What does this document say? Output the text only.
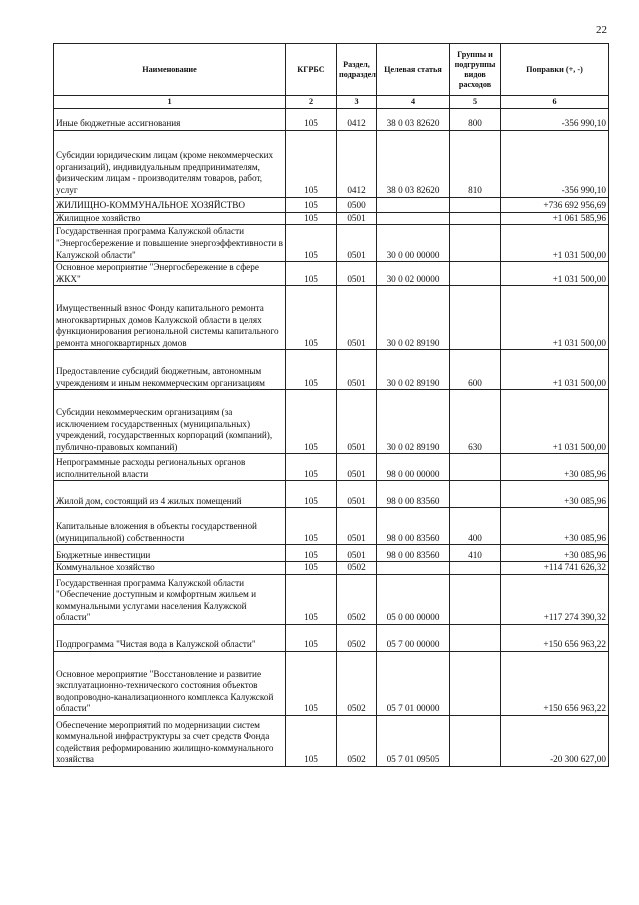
22
Наименование	КГРБС	Раздел, подраздел	Целевая статья	Группы и подгруппы видов расходов	Поправки (+, -)
1	2	3	4	5	6
Иные бюджетные ассигнования	105	0412	38 0 03 82620	800	-356 990,10
Субсидии юридическим лицам (кроме некоммерческих организаций), индивидуальным предпринимателям, физическим лицам - производителям товаров, работ, услуг	105	0412	38 0 03 82620	810	-356 990,10
ЖИЛИЩНО-КОММУНАЛЬНОЕ ХОЗЯЙСТВО	105	0500			+736 692 956,69
Жилищное хозяйство	105	0501			+1 061 585,96
Государственная программа Калужской области "Энергосбережение и повышение энергоэффективности в Калужской области"	105	0501	30 0 00 00000		+1 031 500,00
Основное мероприятие "Энергосбережение в сфере ЖКХ"	105	0501	30 0 02 00000		+1 031 500,00
Имущественный взнос Фонду капитального ремонта многоквартирных домов Калужской области в целях функционирования региональной системы капитального ремонта многоквартирных домов	105	0501	30 0 02 89190		+1 031 500,00
Предоставление субсидий бюджетным, автономным учреждениям и иным некоммерческим организациям	105	0501	30 0 02 89190	600	+1 031 500,00
Субсидии некоммерческим организациям (за исключением государственных (муниципальных) учреждений, государственных корпораций (компаний), публично-правовых компаний)	105	0501	30 0 02 89190	630	+1 031 500,00
Непрограммные расходы региональных органов исполнительной власти	105	0501	98 0 00 00000		+30 085,96
Жилой дом, состоящий из 4 жилых помещений	105	0501	98 0 00 83560		+30 085,96
Капитальные вложения в объекты государственной (муниципальной) собственности	105	0501	98 0 00 83560	400	+30 085,96
Бюджетные инвестиции	105	0501	98 0 00 83560	410	+30 085,96
Коммунальное хозяйство	105	0502			+114 741 626,32
Государственная программа Калужской области "Обеспечение доступным и комфортным жильем и коммунальными услугами населения Калужской области"	105	0502	05 0 00 00000		+117 274 390,32
Подпрограмма "Чистая вода в Калужской области"	105	0502	05 7 00 00000		+150 656 963,22
Основное мероприятие "Восстановление и развитие эксплуатационно-технического состояния объектов водопроводно-канализационного комплекса Калужской области"	105	0502	05 7 01 00000		+150 656 963,22
Обеспечение мероприятий по модернизации систем коммунальной инфраструктуры за счет средств Фонда содействия реформированию жилищно-коммунального хозяйства	105	0502	05 7 01 09505		-20 300 627,00
